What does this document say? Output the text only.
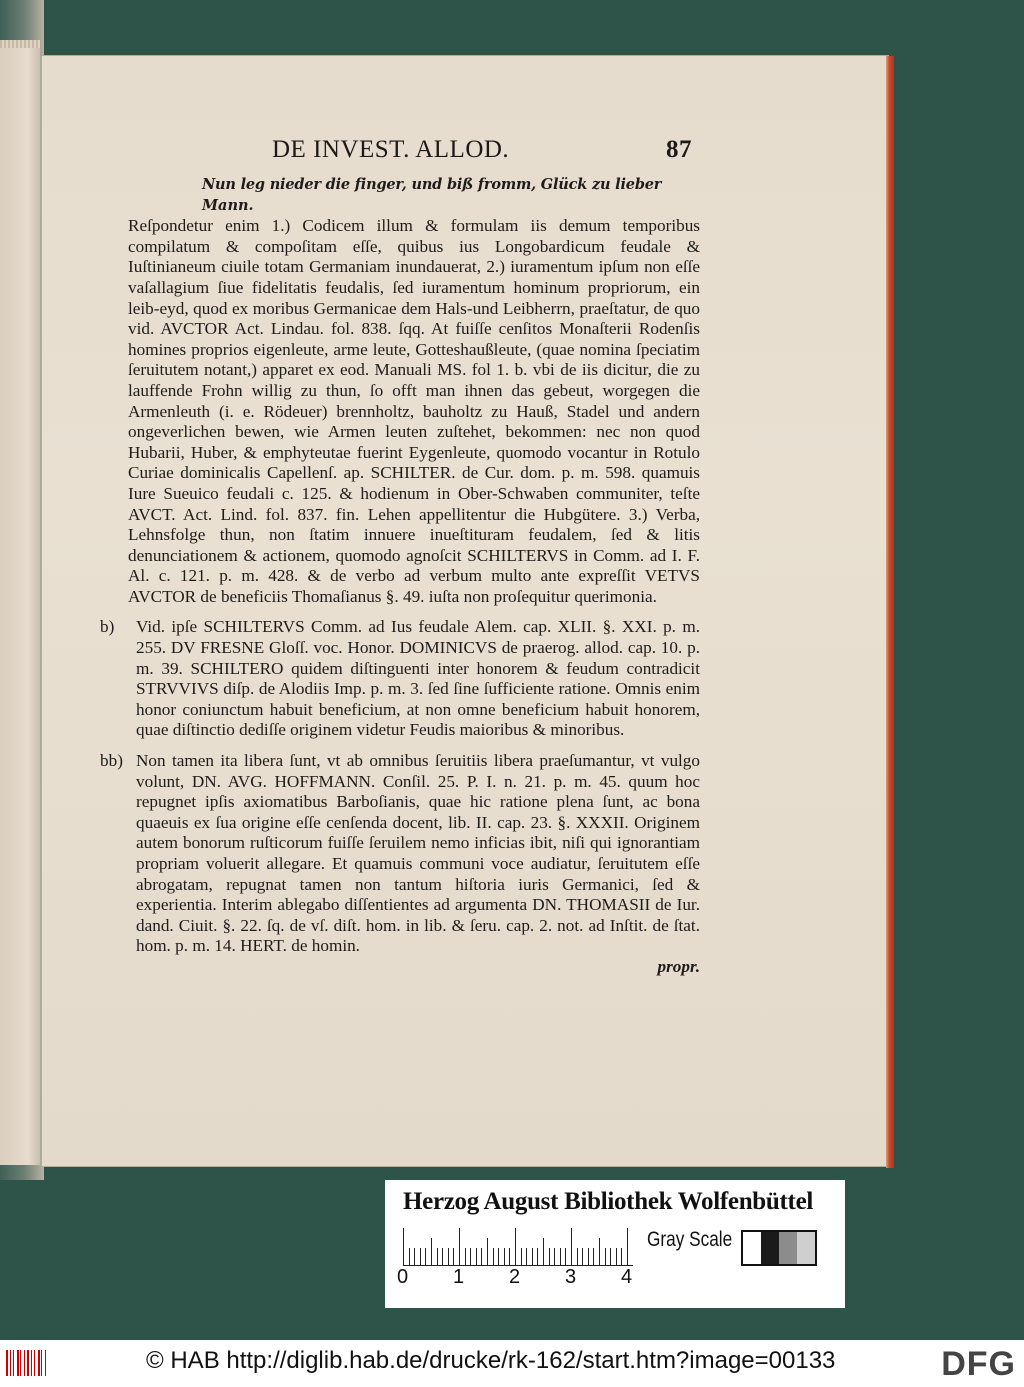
DE INVEST. ALLOD.	87
Nun leg nieder die finger, und biß fromm, Glück zu lieber
Mann.
Reſpondetur enim 1.) Codicem illum & formulam iis demum temporibus compilatum & compoſitam eſſe, quibus ius Longobardicum feudale & Iuſtinianeum ciuile totam Germaniam inundauerat, 2.) iuramentum ipſum non eſſe vaſallagium ſiue fidelitatis feudalis, ſed iuramentum hominum propriorum, ein leib-eyd, quod ex moribus Germanicae dem Hals-und Leibherrn, praeſtatur, de quo vid. AVCTOR Act. Lindau. fol. 838. ſqq. At fuiſſe cenſitos Monaſterii Rodenſis homines proprios eigenleute, arme leute, Gotteshaußleute, (quae nomina ſpeciatim ſeruitutem notant,) apparet ex eod. Manuali MS. fol 1. b. vbi de iis dicitur, die zu lauffende Frohn willig zu thun, ſo offt man ihnen das gebeut, worgegen die Armenleuth (i. e. Rödeuer) brennholtz, bauholtz zu Hauß, Stadel und andern ongeverlichen bewen, wie Armen leuten zuſtehet, bekommen: nec non quod Hubarii, Huber, & emphyteutae fuerint Eygenleute, quomodo vocantur in Rotulo Curiae dominicalis Capellenſ. ap. SCHILTER. de Cur. dom. p. m. 598. quamuis Iure Sueuico feudali c. 125. & hodienum in Ober-Schwaben communiter, teſte AVCT. Act. Lind. fol. 837. fin. Lehen appellitentur die Hubgütere. 3.) Verba, Lehnsfolge thun, non ſtatim innuere inueſtituram feudalem, ſed & litis denunciationem & actionem, quomodo agnoſcit SCHILTERVS in Comm. ad I. F. Al. c. 121. p. m. 428. & de verbo ad verbum multo ante expreſſit VETVS AVCTOR de beneficiis Thomaſianus §. 49. iuſta non proſequitur querimonia.
b)	Vid. ipſe SCHILTERVS Comm. ad Ius feudale Alem. cap. XLII. §. XXI. p. m. 255. DV FRESNE Gloſſ. voc. Honor. DOMINICVS de praerog. allod. cap. 10. p. m. 39. SCHILTERO quidem diſtinguenti inter honorem & feudum contradicit STRVVIVS diſp. de Alodiis Imp. p. m. 3. ſed ſine ſufficiente ratione. Omnis enim honor coniunctum habuit beneficium, at non omne beneficium habuit honorem, quae diſtinctio dediſſe originem videtur Feudis maioribus & minoribus.
bb) Non tamen ita libera ſunt, vt ab omnibus ſeruitiis libera praeſumantur, vt vulgo volunt, DN. AVG. HOFFMANN. Conſil. 25. P. I. n. 21. p. m. 45. quum hoc repugnet ipſis axiomatibus Barboſianis, quae hic ratione plena ſunt, ac bona quaeuis ex ſua origine eſſe cenſenda docent, lib. II. cap. 23. §. XXXII. Originem autem bonorum ruſticorum fuiſſe ſeruilem nemo inficias ibit, niſi qui ignorantiam propriam voluerit allegare. Et quamuis communi voce audiatur, ſeruitutem eſſe abrogatam, repugnat tamen non tantum hiſtoria iuris Germanici, ſed & experientia. Interim ablegabo diſſentientes ad argumenta DN. THOMASII de Iur. dand. Ciuit. §. 22. ſq. de vſ. diſt. hom. in lib. & ſeru. cap. 2. not. ad Inſtit. de ſtat. hom. p. m. 14. HERT. de homin.
propr.
Herzog August Bibliothek Wolfenbüttel
0 1 2 3 4
Gray Scale
© HAB http://diglib.hab.de/drucke/rk-162/start.htm?image=00133	DFG
